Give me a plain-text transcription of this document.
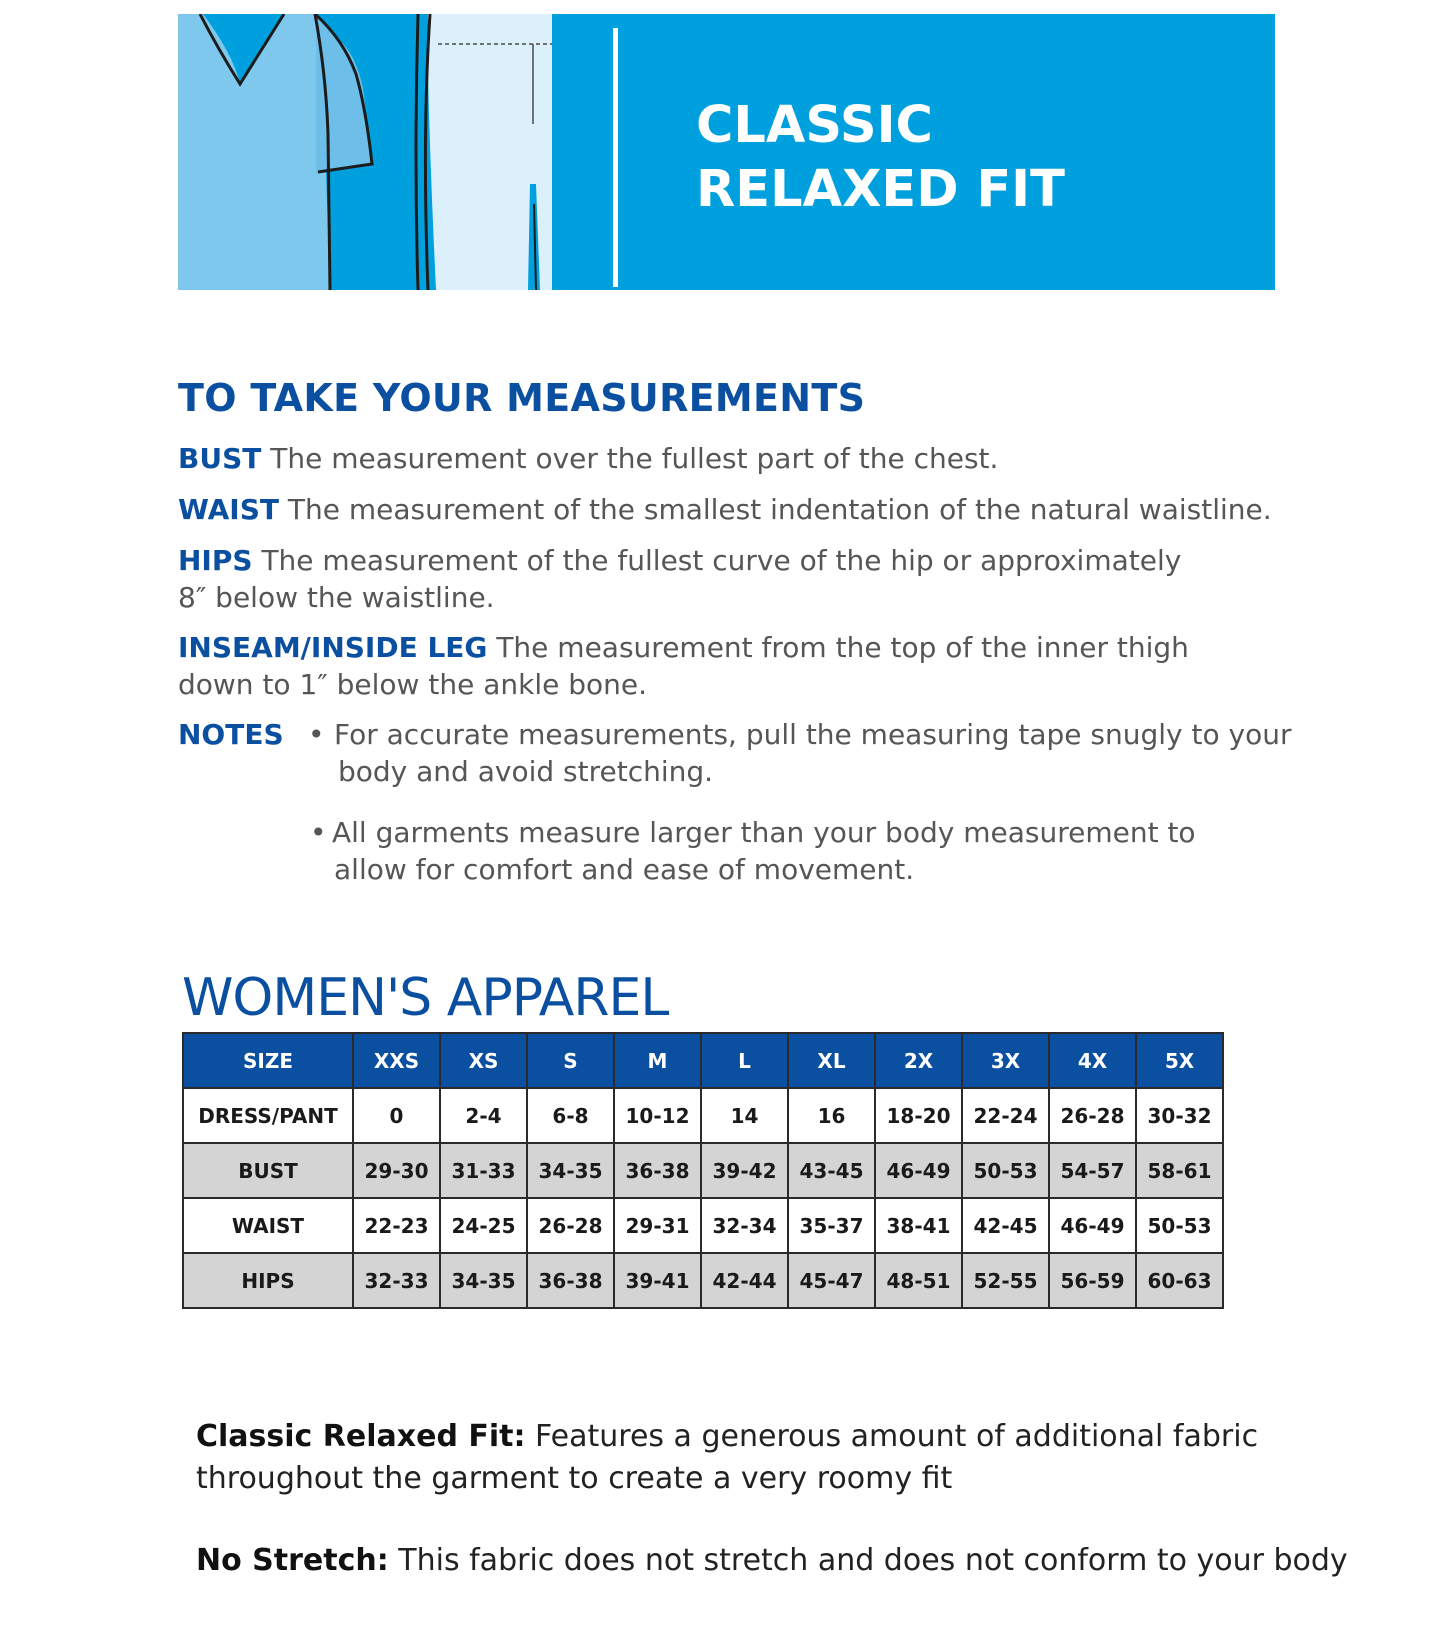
CLASSIC
RELAXED FIT
TO TAKE YOUR MEASUREMENTS

BUST The measurement over the fullest part of the chest.

WAIST The measurement of the smallest indentation of the natural waistline.

HIPS The measurement of the fullest curve of the hip or approximately
8″ below the waistline.

INSEAM/INSIDE LEG The measurement from the top of the inner thigh
down to 1″ below the ankle bone.

NOTES • For accurate measurements, pull the measuring tape snugly to your
body and avoid stretching.
• All garments measure larger than your body measurement to
allow for comfort and ease of movement.
WOMEN'S APPAREL
SIZE	XXS	XS	S	M	L	XL	2X	3X	4X	5X
DRESS/PANT	0	2-4	6-8	10-12	14	16	18-20	22-24	26-28	30-32
BUST	29-30	31-33	34-35	36-38	39-42	43-45	46-49	50-53	54-57	58-61
WAIST	22-23	24-25	26-28	29-31	32-34	35-37	38-41	42-45	46-49	50-53
HIPS	32-33	34-35	36-38	39-41	42-44	45-47	48-51	52-55	56-59	60-63

Classic Relaxed Fit: Features a generous amount of additional fabric
throughout the garment to create a very roomy fit

No Stretch: This fabric does not stretch and does not conform to your body
